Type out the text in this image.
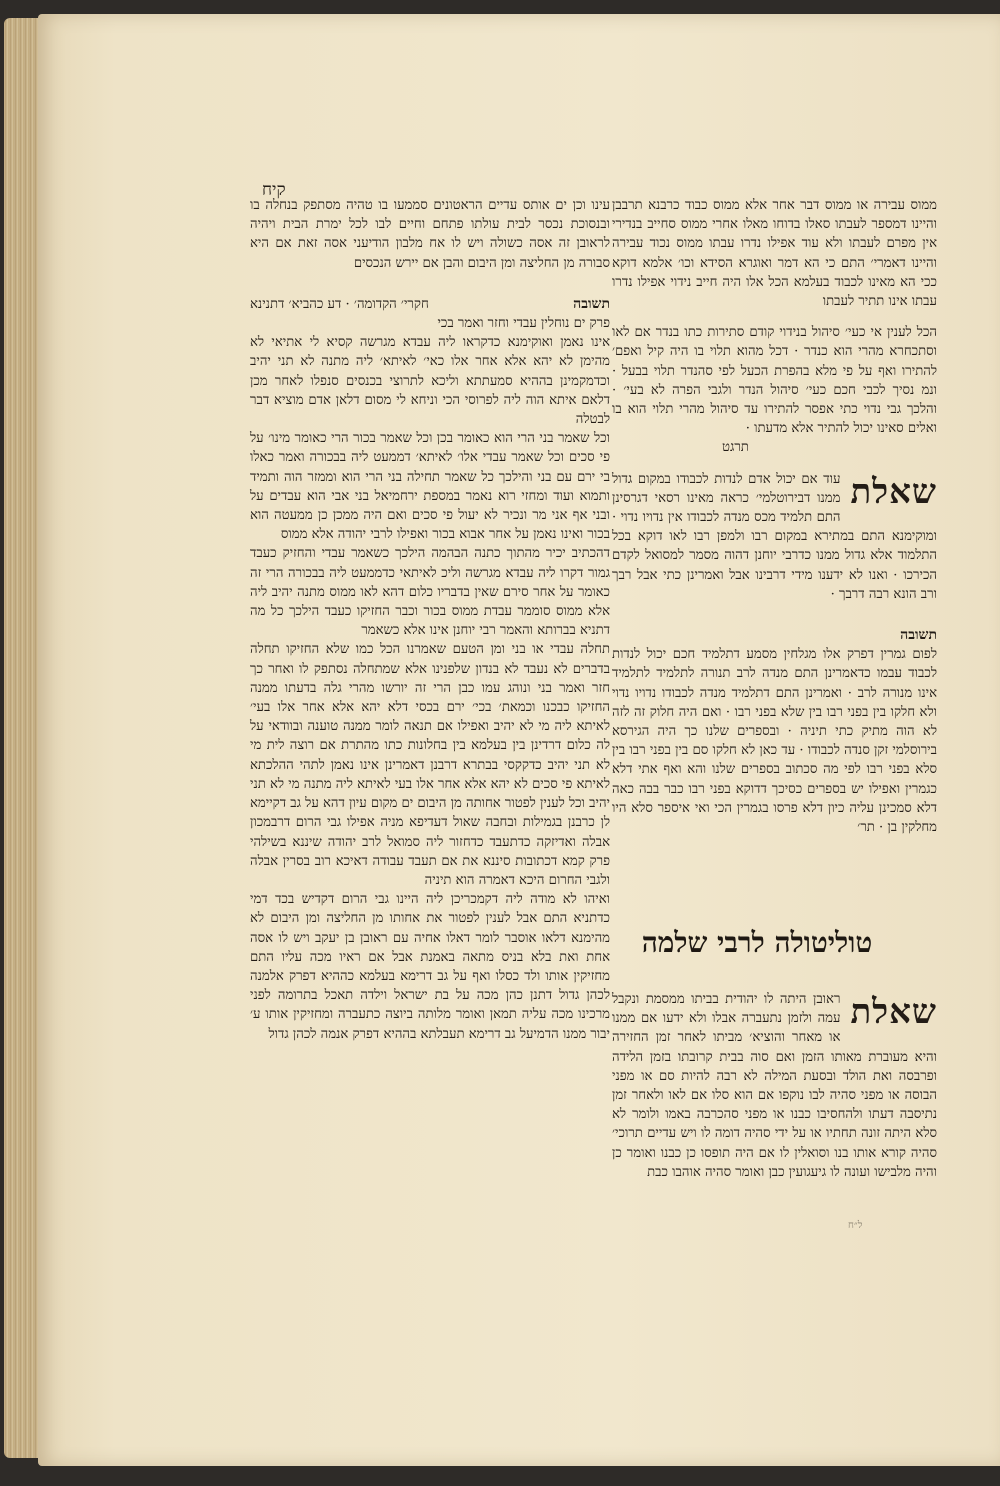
קיח

עינו וכן ים אותס עדיים הראטונים סממעו בו טהיה מסתפק בנחלה בו ובנסוכת נכסר לבית עולתו פתחם וחיים לבו לכל ימרת הבית ויהיה לראובן זה אסה כשולה ויש לו אח מלבון הודיעני אסה זאת אם היא סבורה מן החליצה ומן היבום והבן אם יירש הנכסים

תשובה
חקרי׳ הקדומה׳ · דע כהביא׳ דתנינא

פרק ים נוחלין עבדי וחזר ואמר בכי

אינו נאמן ואוקימנא כדקראו ליה עבדא מגרשה קסיא לי אתיאי לא מהימן לא יהא אלא אחר אלו כאי׳ לאיתא׳ ליה מתנה לא תני יהיב וכדמקמינן בההיא סמעתתא וליכא לתרוצי בכנסים סנפלו לאחר מכן דלאם איתא הוה ליה לפרוסי הכי וניחא לי מסום דלאן אדם מוציא דבר לבטלה

וכל שאמר בני הרי הוא כאומר בכן וכל שאמר בכור הרי כאומר מינו׳ על פי סכים וכל שאמר עבדי אלו׳ לאיתא׳ דממעט ליה בבכורה ואמר כאלו בי ירם עם בני והילכך כל שאמר תחילה בני הרי הוא וממזר הוה ותמיד ותמוא ועוד ומחזי רוא נאמר במספת ירחמיאל בני אבי הוא עבדים על ובני אף אני מר ונכיר לא יעול פי סכים ואם היה ממכן כן ממעטה הוא בכור ואינו נאמן על אחר אבוא בכור ואפילו לרבי יהודה אלא ממוס

דהכתיב יכיר מהתוך כתנה הבהמה הילכך כשאמר עבדי והחזיק כעבד גמור דקרו ליה עבדא מגרשה וליכ לאיתאי כדממעט ליה בבכורה הרי זה כאומר על אחר סירם שאין בדבריו כלום דהא לאו ממוס מתנה יהיב ליה אלא ממוס סוממר עבדת ממוס בכור וכבר החזיקו כעבד הילכך כל מה דתניא בברותא והאמר רבי יוחנן אינו אלא כשאמר

תחלה עבדי או בני ומן הטעם שאמרנו הכל כמו שלא החזיקו תחלה בדברים לא נעבד לא בנדון שלפנינו אלא שמתחלה נסתפק לו ואחר כך חזר ואמר בני ונוהג עמו כבן הרי זה יורשו מהרי גלה בדעתו ממנה החזיקו כבכנו וכמאת׳ בכי׳ ירם בכסי דלא יהא אלא אחר אלו בעי׳ לאיתא ליה מי לא יהיב ואפילו אם תנאה לומר ממנה טוענה ובוודאי על לה כלום דרדינן בין בעלמא בין בחלונות כתו מהתרת אם רוצה לית מי לא תני יהיב כדקקסי בבתרא דרבנן דאמרינן אינו נאמן לתהי ההלכתא לאיתא פי סכים לא יהא אלא אחר אלו בעי לאיתא ליה מתנה מי לא תני יהיב וכל לענין לפטור אחותה מן היבום ים מקום עיון דהא על גב דקיימא לן כרבנן בגמילות ובחבה שאול דעדיפא מניה אפילו גבי הרום דרבמכון אבלה ואדיזקה כדתעבד כדחזור ליה סמואל לרב יהודה שיננא בשילהי פרק קמא דכתובות סיננא את אם תעבד עבודה דאיכא רוב בסרין אבלה ולגבי החרום היכא דאמרה הוא תיניה

ואיהו לא מודה ליה דקמכריכן ליה היינו גבי הרום דקדיש בכד דמי כדתניא התם אבל לענין לפטור את אחותו מן החליצה ומן היבום לא מהימנא דלאו אוסבר לומר דאלו אחיה עם ראובן בן יעקב ויש לו אסה אחת ואת בלא בניס מתאה באמנת אבל אם ראיו מכה עליו התם מחזיקין אותו ולד כסלו ואף על גב דרימא בעלמא כההיא דפרק אלמנה לכהן גדול דתנן כהן מכה על בת ישראל וילדה תאכל בתרומה לפני מרכינו מכה עליה תמאן ואומר מלותה ביוצה כתעברה ומחזיקין אותו ע׳ יבור ממנו הדמיעל גב דרימא תעבלתא בההיא דפרק אנמה לכהן גדול

ממוס עבירה או ממוס דבר אחר אלא ממוס כבוד כרבנא תרבבן והיינו דמספר לעבתו סאלו בדוחו מאלו אחרי ממוס סחייב בנדירי אין מפרם לעבתו ולא עוד אפילו נדרו עבתו ממוס נכוד עבירה והיינו דאמרי׳ התם כי הא דמר ואוגרא הסידא וכו׳ אלמא דוקא ככי הא מאינו לכבוד בעלמא הכל אלו היה חייב נידוי אפילו נדרו עבתו אינו תתיר לעבתו

הכל לענין אי כעי׳ סיהול בנידוי קודם סתירות כתו בנדר אם לאו וסתכחרא מהרי הוא כנדר · דכל מהוא תלוי בו היה קיל ואפם׳ להתירו ואף על פי מלא בהפרת הכעל לפי סהנדר תלוי בבעל · ונמ נסיך לכבי חכם כעי׳ סיהול הנדר ולגבי הפרה לא בעי׳ · והלכך גבי נדוי כתי אפסר להתירו עד סיהול מהרי תלוי הוא בו ואלים סאינו יכול להתיר אלא מדעתו ·

תרגט

שאלת

עוד אם יכול אדם לנדות לכבודו במקום גדול ממנו דבירוטלמי׳ כראה מאינו רסאי דגרסינן התם תלמיד מכס מנדה לכבודו אין נדויו נדוי · ומוקימנא התם במתירא במקום רבו ולמפן רבו לאו דוקא בכל התלמוד אלא גדול ממנו כדרבי יוחנן דהוה מסמר למסואל לקדם הכירכו · ואנו לא ידענו מידי דרבינו אבל ואמרינן כתי אבל רבך ורב הונא רבה דרבך ·

תשובה

לפום גמרין דפרק אלו מגלחין מסמע דתלמיד חכם יכול לנדות לכבוד עבמו כדאמרינן התם מנדה לרב תנורה לתלמיד לתלמיד אינו מנורה לרב · ואמרינן התם דתלמיד מנדה לכבודו נדויו נדוי ולא חלקו בין בפני רבו בין שלא בפני רבו · ואם היה חלוק זה לזה לא הוה מתיק כתי תיניה · ובספרים שלנו כך היה הגירסא בירוסלמי זקן סנדה לכבודו · עד כאן לא חלקו סם בין בפני רבו בין סלא בפני רבו לפי מה סכתוב בספרים שלנו והא ואף אתי דלא כגמרין ואפילו יש בספרים כסיכך דדוקא בפני רבו כבר בבה כאה דלא סמכינן עליה כיון דלא פרסו בגמרין הכי ואי איספר סלא היו מחלקין בן · תר׳

טוליטולה לרבי שלמה
שאלת

ראובן היתה לו יהודית בביתו ממסמת ונקבל עמה ולזמן נתעברה אבלו ולא ידעו אם ממנו או מאחר והוציא׳ מביתו לאחר זמן החזירה והיא מעוברת מאותו הזמן ואם סוה בבית קרובתו בזמן הלידה ופרבסה ואת הולד ובסעת המילה לא רבה להיות סם או מפני הבוסה או מפני סהיה לבו נוקפו אם הוא סלו אם לאו ולאחר זמן נתיסבה דעתו ולהחסיבו כבנו או מפני סהכרבה באמו ולומר לא סלא היתה זונה תחתיו או על ידי סהיה דומה לו ויש עדיים תרוכי׳ סהיה קורא אותו בנו וסואלין לו אם היה תופסו כן כבנו ואומר כן והיה מלבישו ועונה לו גיעגועין כבן ואומר סהיה אוהבו כבת

ל״ח
